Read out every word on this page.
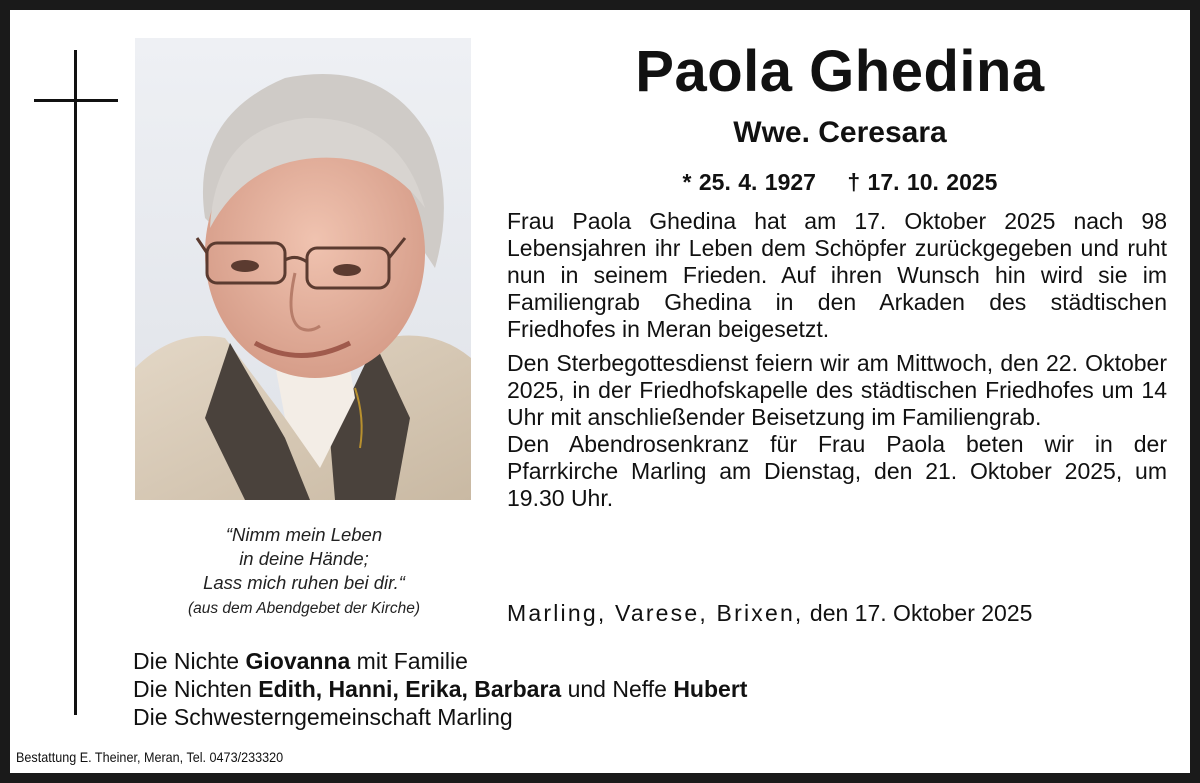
“Nimm mein Leben
in deine Hände;
Lass mich ruhen bei dir.“
(aus dem Abendgebet der Kirche)
Paola Ghedina
Wwe. Ceresara
* 25. 4. 1927 † 17. 10. 2025

Frau Paola Ghedina hat am 17. Oktober 2025 nach 98 Lebensjahren ihr Leben dem Schöpfer zurückgegeben und ruht nun in seinem Frieden. Auf ihren Wunsch hin wird sie im Familiengrab Ghedina in den Arkaden des städtischen Friedhofes in Meran beigesetzt.

Den Sterbegottesdienst feiern wir am Mittwoch, den 22. Oktober 2025, in der Friedhofskapelle des städtischen Friedhofes um 14 Uhr mit anschließender Beisetzung im Familiengrab.

Den Abendrosenkranz für Frau Paola beten wir in der Pfarrkirche Marling am Dienstag, den 21. Oktober 2025, um 19.30 Uhr.

Marling, Varese, Brixen, den 17. Oktober 2025
Die Nichte Giovanna mit Familie
Die Nichten Edith, Hanni, Erika, Barbara und Neffe Hubert
Die Schwesterngemeinschaft Marling
Bestattung E. Theiner, Meran, Tel. 0473/233320
